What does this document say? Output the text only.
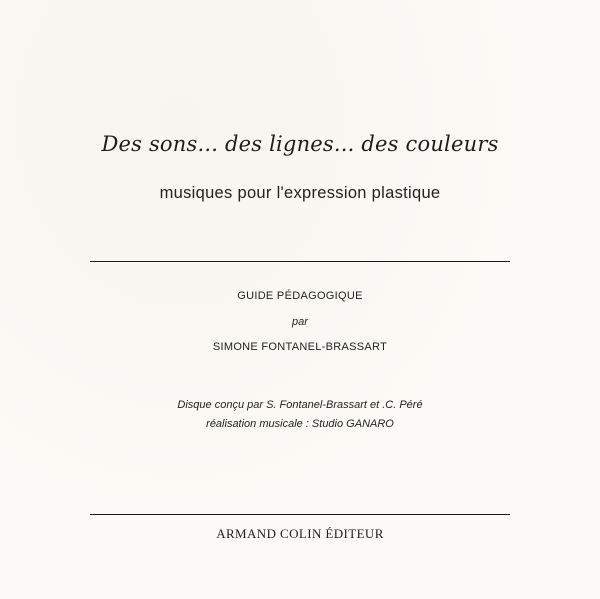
Des sons... des lignes... des couleurs
musiques pour l'expression plastique
GUIDE PÉDAGOGIQUE
par
SIMONE FONTANEL-BRASSART
Disque conçu par S. Fontanel-Brassart et .C. Péré
réalisation musicale : Studio GANARO
ARMAND COLIN ÉDITEUR
